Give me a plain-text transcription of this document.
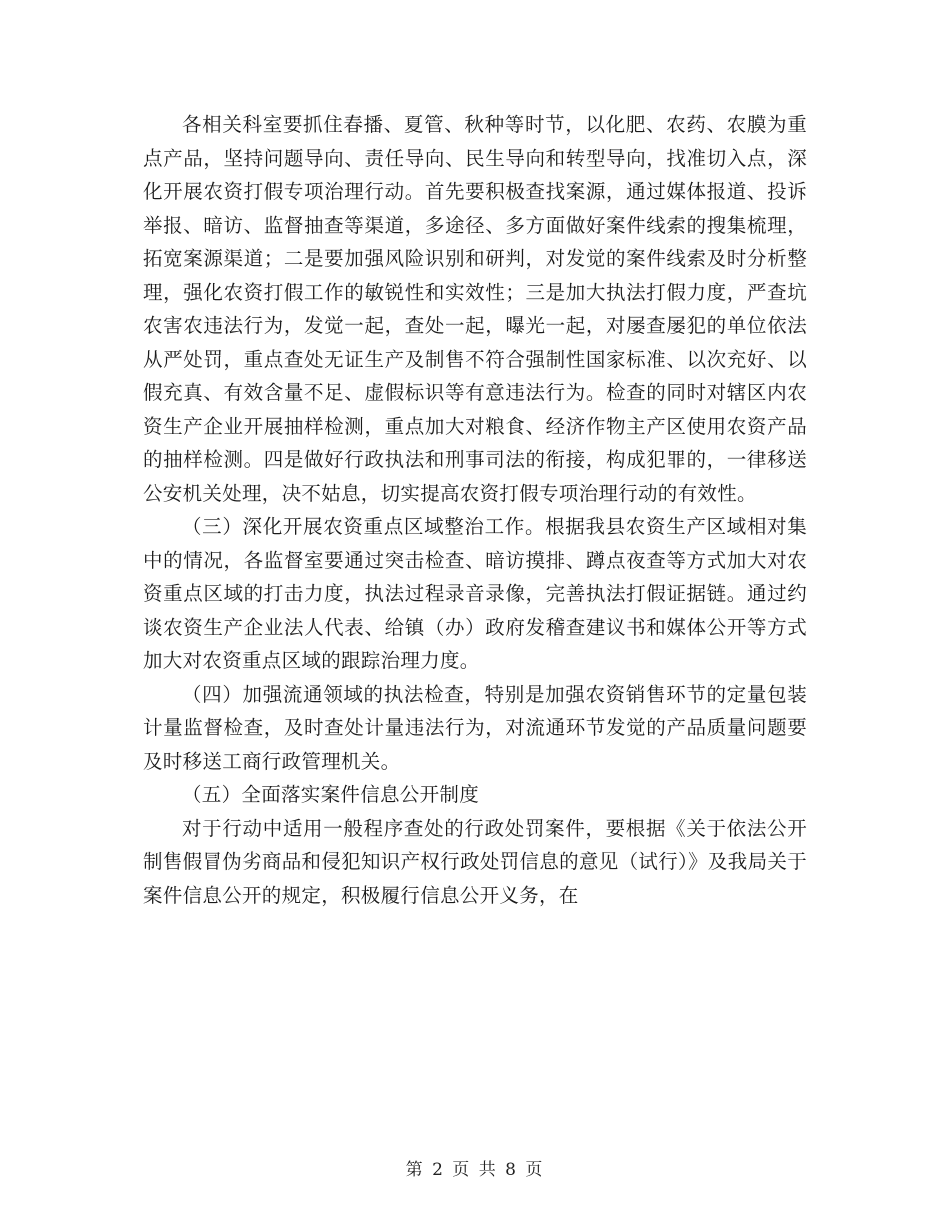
各相关科室要抓住春播、夏管、秋种等时节，以化肥、农药、农膜为重点产品，坚持问题导向、责任导向、民生导向和转型导向，找准切入点，深化开展农资打假专项治理行动。首先要积极查找案源，通过媒体报道、投诉举报、暗访、监督抽查等渠道，多途径、多方面做好案件线索的搜集梳理，拓宽案源渠道；二是要加强风险识别和研判，对发觉的案件线索及时分析整理，强化农资打假工作的敏锐性和实效性；三是加大执法打假力度，严查坑农害农违法行为，发觉一起，查处一起，曝光一起，对屡查屡犯的单位依法从严处罚，重点查处无证生产及制售不符合强制性国家标准、以次充好、以假充真、有效含量不足、虚假标识等有意违法行为。检查的同时对辖区内农资生产企业开展抽样检测，重点加大对粮食、经济作物主产区使用农资产品的抽样检测。四是做好行政执法和刑事司法的衔接，构成犯罪的，一律移送公安机关处理，决不姑息，切实提高农资打假专项治理行动的有效性。

（三）深化开展农资重点区域整治工作。根据我县农资生产区域相对集中的情况，各监督室要通过突击检查、暗访摸排、蹲点夜查等方式加大对农资重点区域的打击力度，执法过程录音录像，完善执法打假证据链。通过约谈农资生产企业法人代表、给镇（办）政府发稽查建议书和媒体公开等方式加大对农资重点区域的跟踪治理力度。

（四）加强流通领域的执法检查，特别是加强农资销售环节的定量包装计量监督检查，及时查处计量违法行为，对流通环节发觉的产品质量问题要及时移送工商行政管理机关。

（五）全面落实案件信息公开制度

对于行动中适用一般程序查处的行政处罚案件，要根据《关于依法公开制售假冒伪劣商品和侵犯知识产权行政处罚信息的意见（试行）》及我局关于案件信息公开的规定，积极履行信息公开义务，在

第 2 页 共 8 页
